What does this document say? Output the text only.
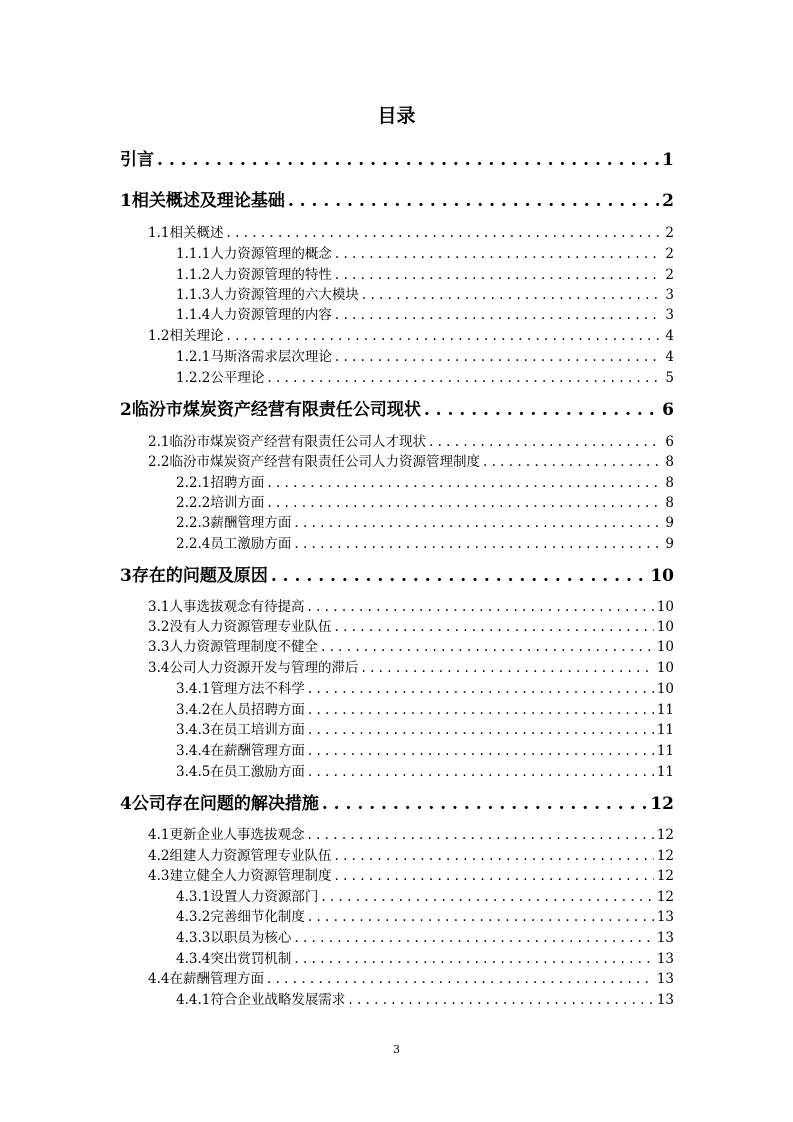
目录
引言 . . .	1
1 相关概述及理论基础 . . .	2
1.1 相关概述 . . .	2
1.1.1 人力资源管理的概念 . . .	2
1.1.2 人力资源管理的特性 . . .	2
1.1.3 人力资源管理的六大模块 . . .	3
1.1.4 人力资源管理的内容 . . .	3
1.2 相关理论 . . .	4
1.2.1 马斯洛需求层次理论 . . .	4
1.2.2 公平理论 . . .	5
2 临汾市煤炭资产经营有限责任公司现状 . . .	6
2.1 临汾市煤炭资产经营有限责任公司人才现状 . . .	6
2.2 临汾市煤炭资产经营有限责任公司人力资源管理制度 . . .	8
2.2.1 招聘方面 . . .	8
2.2.2 培训方面 . . .	8
2.2.3 薪酬管理方面 . . .	9
2.2.4 员工激励方面 . . .	9
3 存在的问题及原因 . . .	10
3.1 人事选拔观念有待提高 . . .	10
3.2 没有人力资源管理专业队伍 . . .	10
3.3 人力资源管理制度不健全 . . .	10
3.4 公司人力资源开发与管理的滞后 . . .	10
3.4.1 管理方法不科学 . . .	10
3.4.2 在人员招聘方面 . . .	11
3.4.3 在员工培训方面 . . .	11
3.4.4 在薪酬管理方面 . . .	11
3.4.5 在员工激励方面 . . .	11
4 公司存在问题的解决措施 . . .	12
4.1 更新企业人事选拔观念 . . .	12
4.2 组建人力资源管理专业队伍 . . .	12
4.3 建立健全人力资源管理制度 . . .	12
4.3.1 设置人力资源部门 . . .	12
4.3.2 完善细节化制度 . . .	13
4.3.3 以职员为核心 . . .	13
4.3.4 突出赏罚机制 . . .	13
4.4 在薪酬管理方面 . . .	13
4.4.1 符合企业战略发展需求 . . .	13
3
